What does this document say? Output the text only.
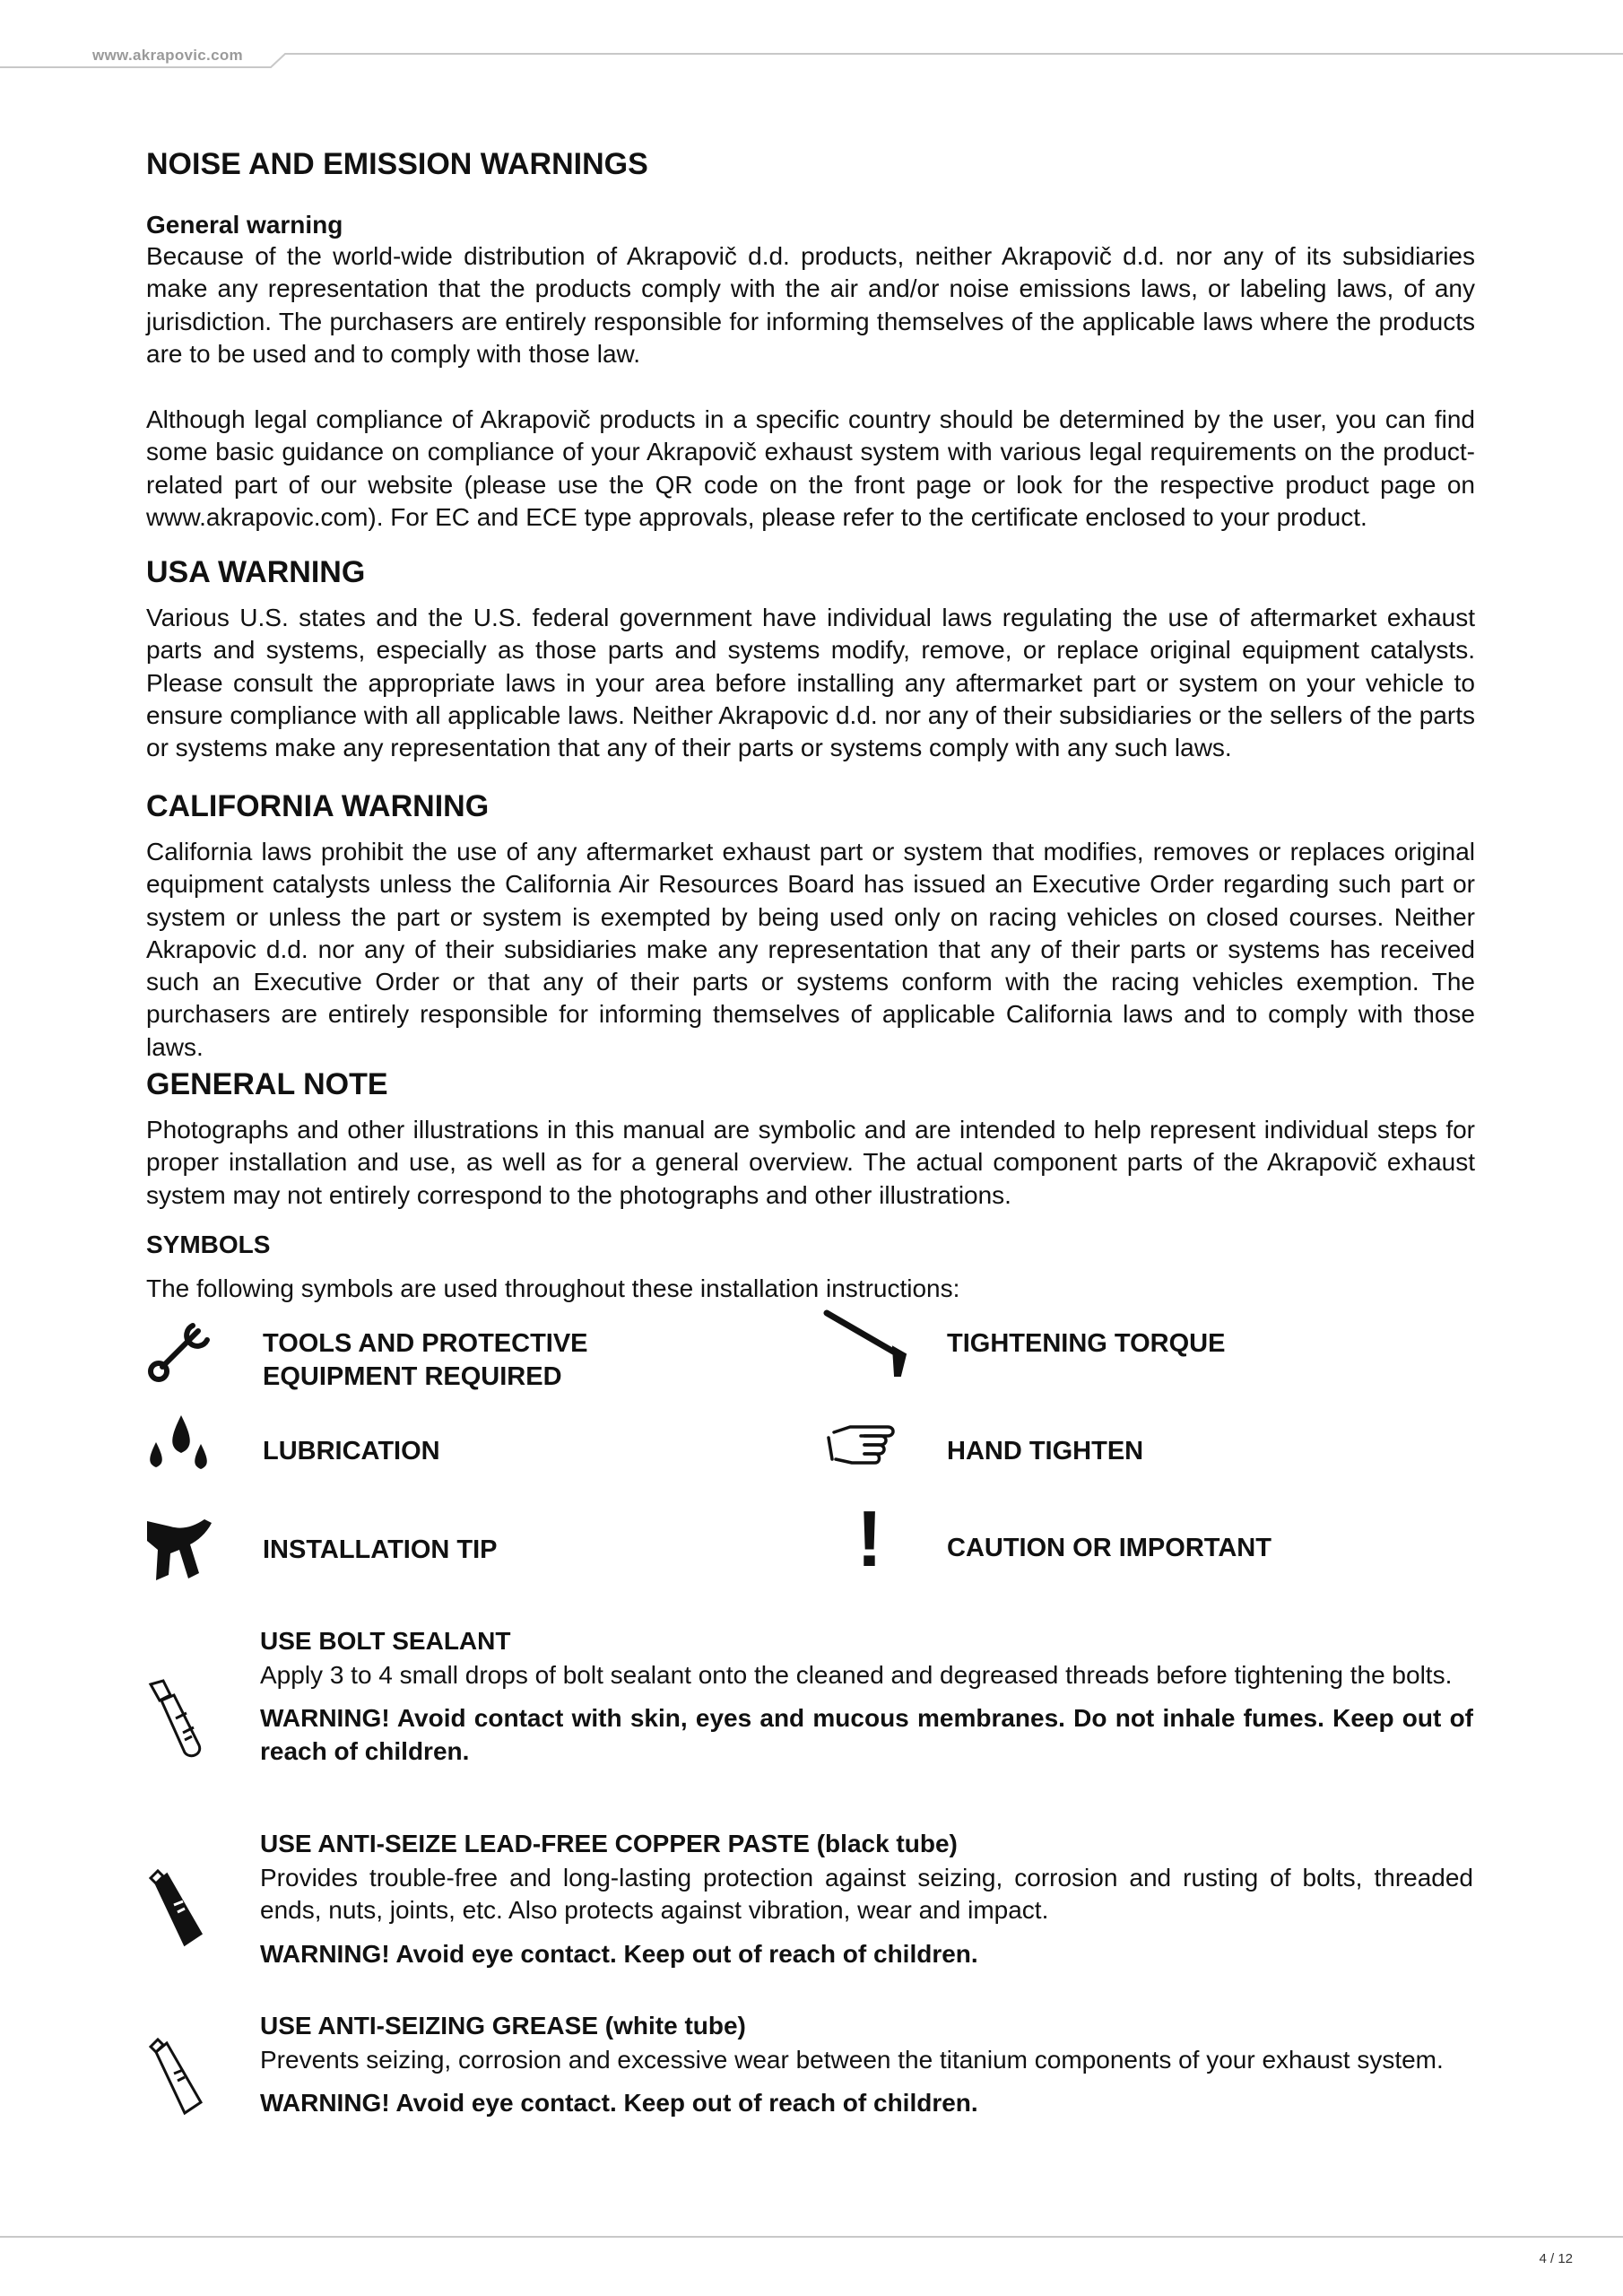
www.akrapovic.com
NOISE AND EMISSION WARNINGS
General warning

Because of the world-wide distribution of Akrapovič d.d. products, neither Akrapovič d.d. nor any of its subsidiaries make any representation that the products comply with the air and/or noise emissions laws, or labeling laws, of any jurisdiction. The purchasers are entirely responsible for informing themselves of the applicable laws where the products are to be used and to comply with those law.

Although legal compliance of Akrapovič products in a specific country should be determined by the user, you can find some basic guidance on compliance of your Akrapovič exhaust system with various legal requirements on the product-related part of our website (please use the QR code on the front page or look for the respective product page on www.akrapovic.com). For EC and ECE type approvals, please refer to the certificate enclosed to your product.

USA WARNING

Various U.S. states and the U.S. federal government have individual laws regulating the use of aftermarket exhaust parts and systems, especially as those parts and systems modify, remove, or replace original equipment catalysts. Please consult the appropriate laws in your area before installing any aftermarket part or system on your vehicle to ensure compliance with all applicable laws. Neither Akrapovic d.d. nor any of their subsidiaries or the sellers of the parts or systems make any representation that any of their parts or systems comply with any such laws.

CALIFORNIA WARNING

California laws prohibit the use of any aftermarket exhaust part or system that modifies, removes or replaces original equipment catalysts unless the California Air Resources Board has issued an Executive Order regarding such part or system or unless the part or system is exempted by being used only on racing vehicles on closed courses. Neither Akrapovic d.d. nor any of their subsidiaries make any representation that any of their parts or systems has received such an Executive Order or that any of their parts or systems conform with the racing vehicles exemption. The purchasers are entirely responsible for informing themselves of applicable California laws and to comply with those laws.

GENERAL NOTE

Photographs and other illustrations in this manual are symbolic and are intended to help represent individual steps for proper installation and use, as well as for a general overview. The actual component parts of the Akrapovič exhaust system may not entirely correspond to the photographs and other illustrations.

SYMBOLS

The following symbols are used throughout these installation instructions:

TOOLS AND PROTECTIVE EQUIPMENT REQUIRED
TIGHTENING TORQUE
LUBRICATION	HAND TIGHTEN
INSTALLATION TIP	! CAUTION OR IMPORTANT
USE BOLT SEALANT

Apply 3 to 4 small drops of bolt sealant onto the cleaned and degreased threads before tightening the bolts.

WARNING! Avoid contact with skin, eyes and mucous membranes. Do not inhale fumes. Keep out of reach of children.

USE ANTI-SEIZE LEAD-FREE COPPER PASTE (black tube)

Provides trouble-free and long-lasting protection against seizing, corrosion and rusting of bolts, threaded ends, nuts, joints, etc. Also protects against vibration, wear and impact.

WARNING! Avoid eye contact. Keep out of reach of children.

USE ANTI-SEIZING GREASE (white tube)

Prevents seizing, corrosion and excessive wear between the titanium components of your exhaust system.

WARNING! Avoid eye contact. Keep out of reach of children.

4 / 12
